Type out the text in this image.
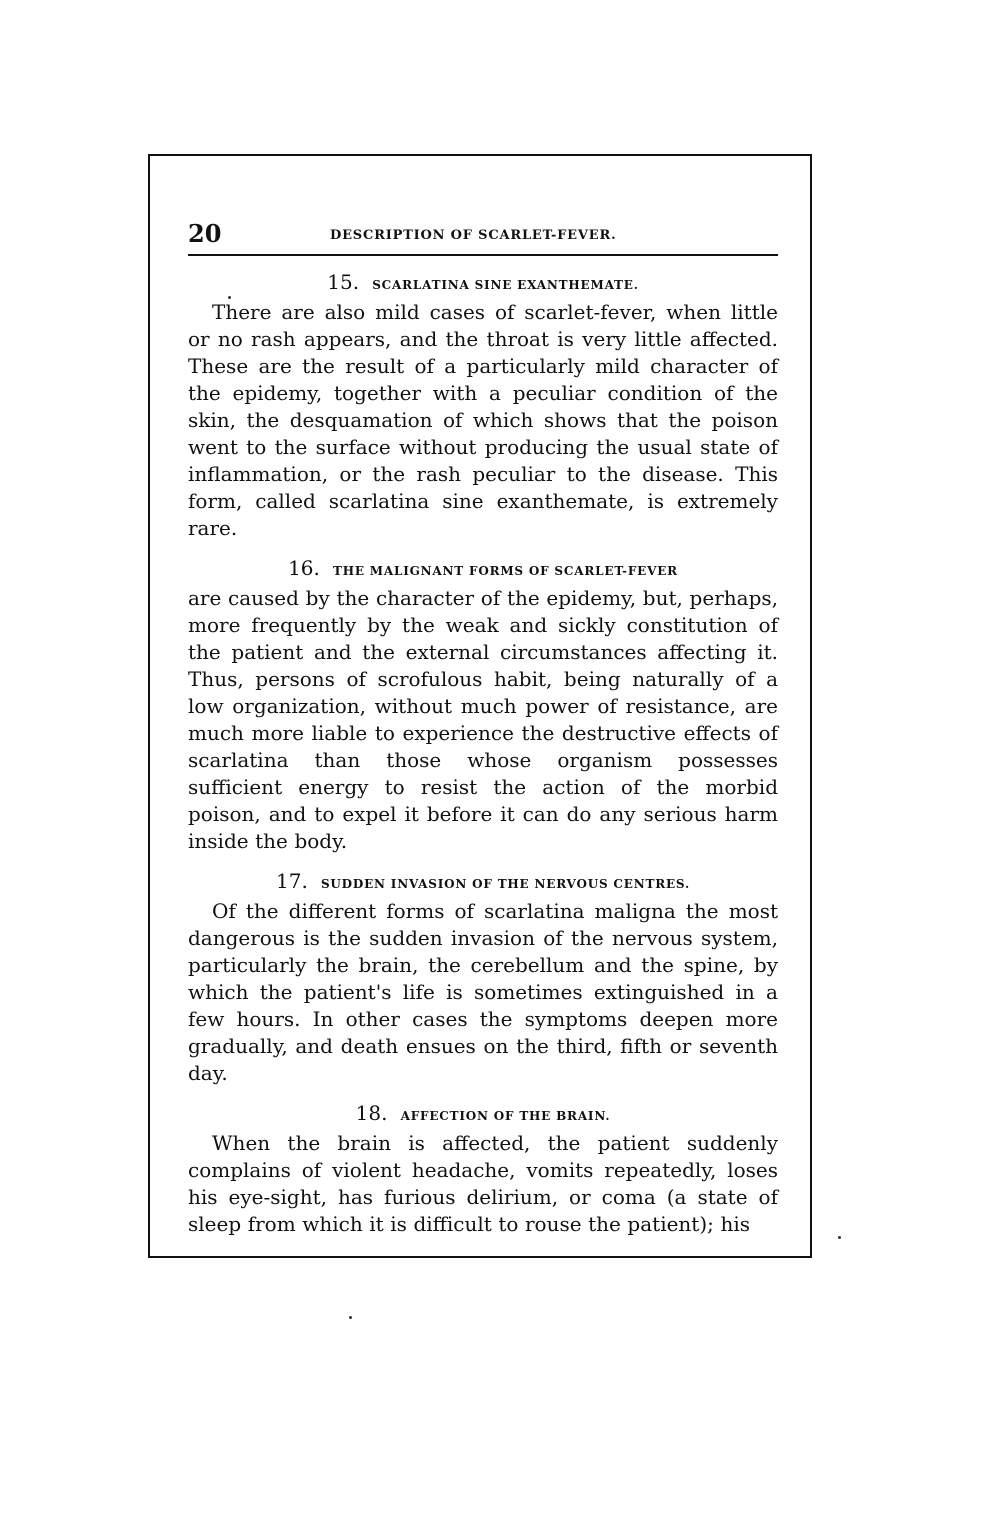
20	DESCRIPTION OF SCARLET-FEVER.
15. SCARLATINA SINE EXANTHEMATE.

There are also mild cases of scarlet-fever, when little or no rash appears, and the throat is very little affected. These are the result of a particularly mild character of the epidemy, together with a peculiar condition of the skin, the desquamation of which shows that the poison went to the surface without producing the usual state of inflammation, or the rash peculiar to the disease. This form, called scarlatina sine exanthemate, is extremely rare.

16. THE MALIGNANT FORMS OF SCARLET-FEVER

are caused by the character of the epidemy, but, perhaps, more frequently by the weak and sickly constitution of the patient and the external circumstances affecting it. Thus, persons of scrofulous habit, being naturally of a low organization, without much power of resistance, are much more liable to experience the destructive effects of scarlatina than those whose organism possesses sufficient energy to resist the action of the morbid poison, and to expel it before it can do any serious harm inside the body.

17. SUDDEN INVASION OF THE NERVOUS CENTRES.

Of the different forms of scarlatina maligna the most dangerous is the sudden invasion of the nervous system, particularly the brain, the cerebellum and the spine, by which the patient's life is sometimes extinguished in a few hours. In other cases the symptoms deepen more gradually, and death ensues on the third, fifth or seventh day.

18. AFFECTION OF THE BRAIN.

When the brain is affected, the patient suddenly complains of violent headache, vomits repeatedly, loses his eye-sight, has furious delirium, or coma (a state of sleep from which it is difficult to rouse the patient); his
